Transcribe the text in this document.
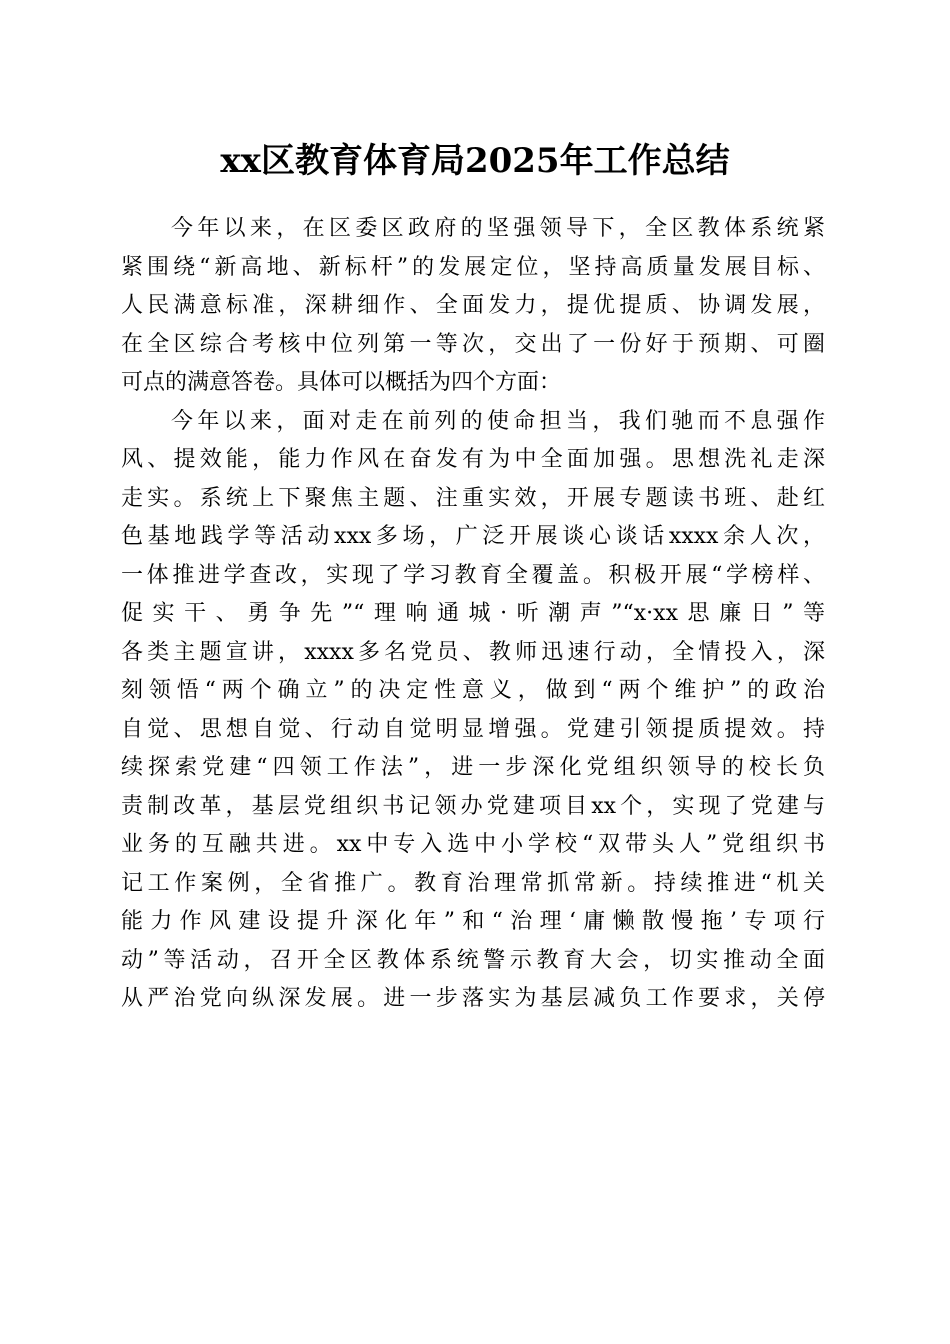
xx区教育体育局2025年工作总结
今年以来，在区委区政府的坚强领导下，全区教体系统紧
紧围绕“新高地、新标杆”的发展定位，坚持高质量发展目标、
人民满意标准，深耕细作、全面发力，提优提质、协调发展，
在全区综合考核中位列第一等次，交出了一份好于预期、可圈
可点的满意答卷。具体可以概括为四个方面：
今年以来，面对走在前列的使命担当，我们驰而不息强作
风、提效能，能力作风在奋发有为中全面加强。思想洗礼走深
走实。系统上下聚焦主题、注重实效，开展专题读书班、赴红
色基地践学等活动xxx多场，广泛开展谈心谈话xxxx余人次，
一体推进学查改，实现了学习教育全覆盖。积极开展“学榜样、
促实干、勇争先”“理响通城·听潮声”“x·xx思廉日”等
各类主题宣讲，xxxx多名党员、教师迅速行动，全情投入，深
刻领悟“两个确立”的决定性意义，做到“两个维护”的政治
自觉、思想自觉、行动自觉明显增强。党建引领提质提效。持
续探索党建“四领工作法”，进一步深化党组织领导的校长负
责制改革，基层党组织书记领办党建项目xx个，实现了党建与
业务的互融共进。xx中专入选中小学校“双带头人”党组织书
记工作案例，全省推广。教育治理常抓常新。持续推进“机关
能力作风建设提升深化年”和“治理‘庸懒散慢拖’专项行
动”等活动，召开全区教体系统警示教育大会，切实推动全面
从严治党向纵深发展。进一步落实为基层减负工作要求，关停
